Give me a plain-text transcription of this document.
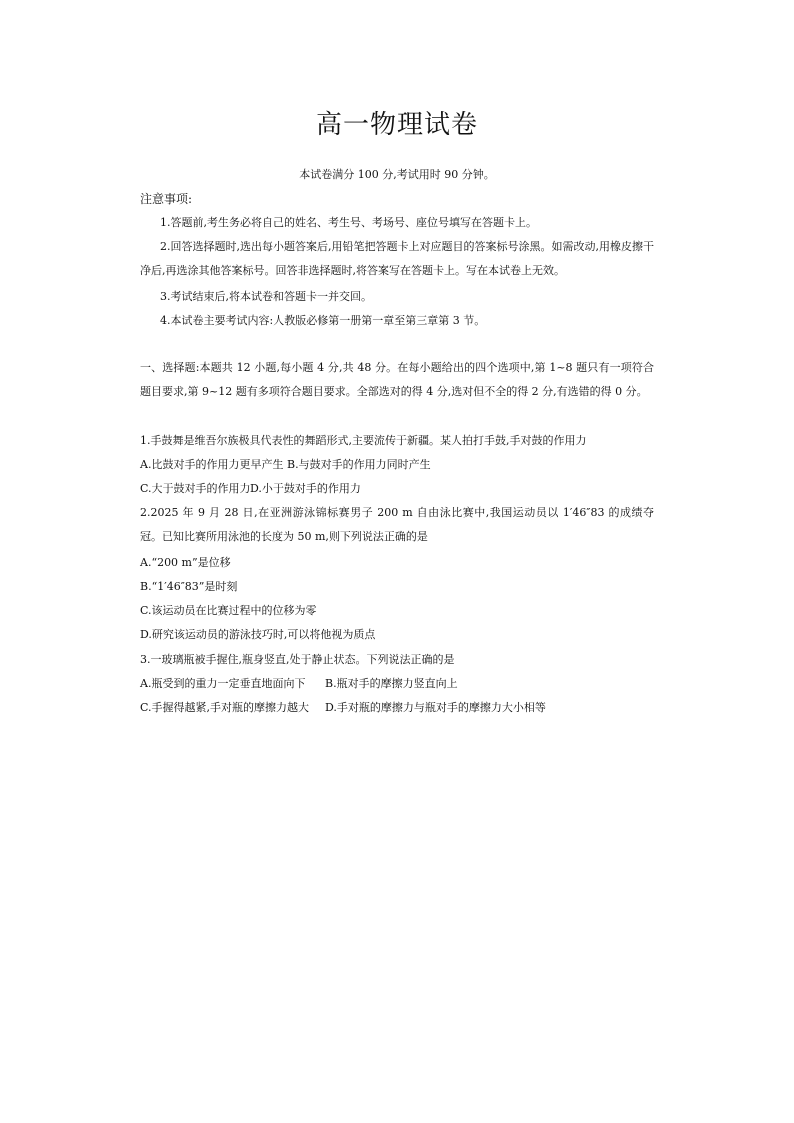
高一物理试卷
本试卷满分 100 分,考试用时 90 分钟。
注意事项:
1.答题前,考生务必将自己的姓名、考生号、考场号、座位号填写在答题卡上。
2.回答选择题时,选出每小题答案后,用铅笔把答题卡上对应题目的答案标号涂黑。如需改动,用橡皮擦干净后,再选涂其他答案标号。回答非选择题时,将答案写在答题卡上。写在本试卷上无效。
3.考试结束后,将本试卷和答题卡一并交回。
4.本试卷主要考试内容:人教版必修第一册第一章至第三章第 3 节。
一、选择题:本题共 12 小题,每小题 4 分,共 48 分。在每小题给出的四个选项中,第 1~8 题只有一项符合题目要求,第 9~12 题有多项符合题目要求。全部选对的得 4 分,选对但不全的得 2 分,有选错的得 0 分。
1.手鼓舞是维吾尔族极具代表性的舞蹈形式,主要流传于新疆。某人拍打手鼓,手对鼓的作用力
A.比鼓对手的作用力更早产生 B.与鼓对手的作用力同时产生
C.大于鼓对手的作用力 D.小于鼓对手的作用力
2.2025 年 9 月 28 日,在亚洲游泳锦标赛男子 200 m 自由泳比赛中,我国运动员以 1′46″83 的成绩夺冠。已知比赛所用泳池的长度为 50 m,则下列说法正确的是
A.“200 m”是位移
B.“1′46″83”是时刻
C.该运动员在比赛过程中的位移为零
D.研究该运动员的游泳技巧时,可以将他视为质点
3.一玻璃瓶被手握住,瓶身竖直,处于静止状态。下列说法正确的是
A.瓶受到的重力一定垂直地面向下 B.瓶对手的摩擦力竖直向上
C.手握得越紧,手对瓶的摩擦力越大 D.手对瓶的摩擦力与瓶对手的摩擦力大小相等
